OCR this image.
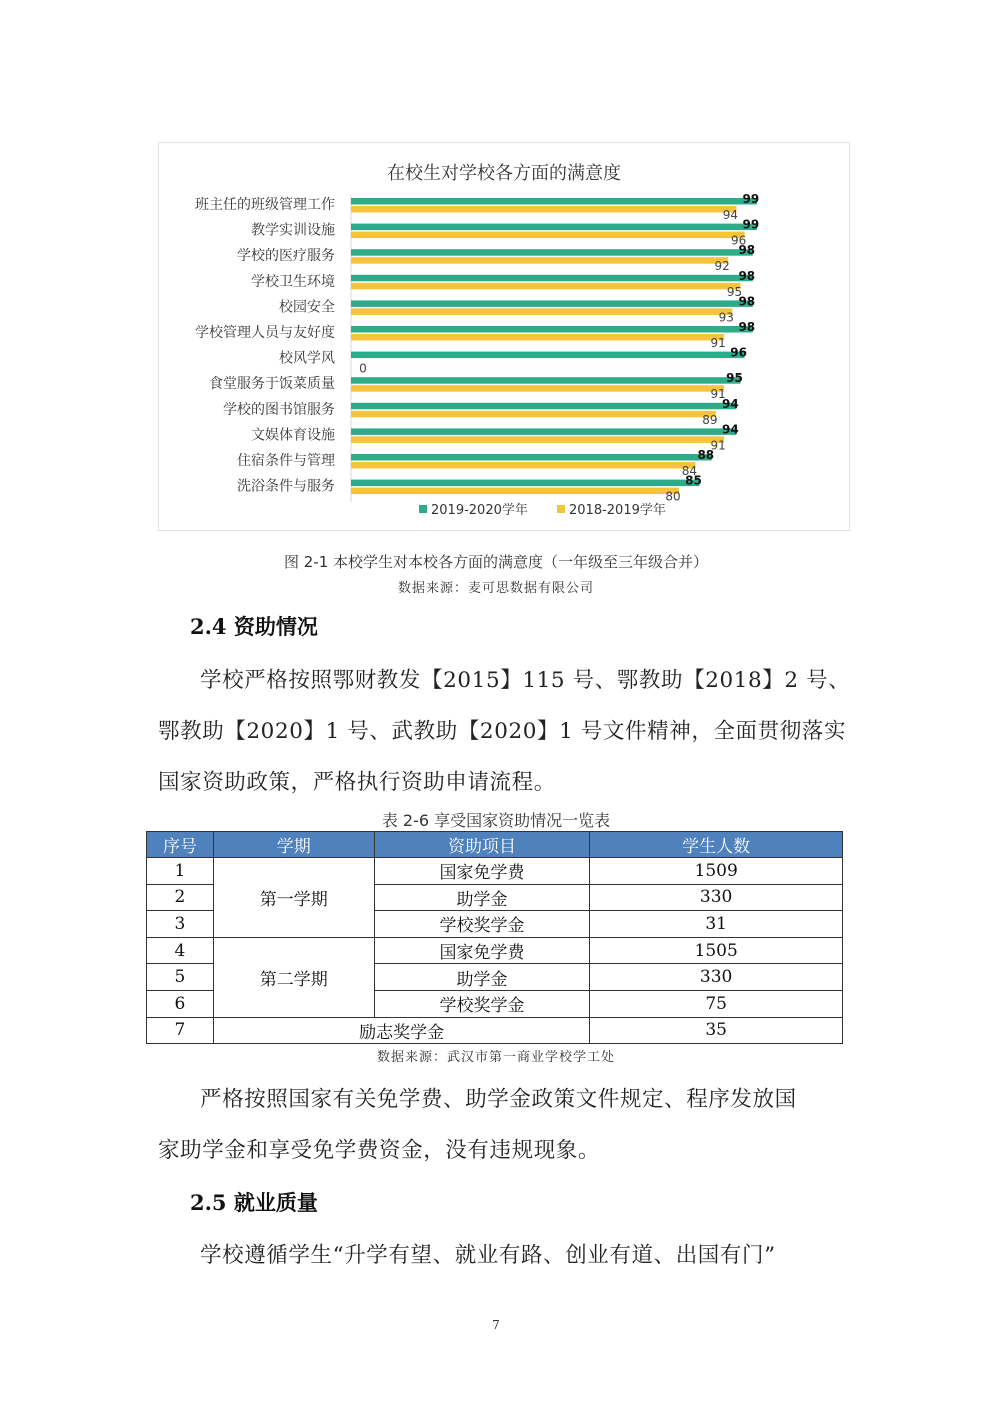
在校生对学校各方面的满意度
班主任的班级管理工作	99
94
教学实训设施	99
96
学校的医疗服务	98
92
学校卫生环境	98
95
校园安全	98
93
学校管理人员与友好度	98
91
校风学风	96
0
食堂服务于饭菜质量	95
91
学校的图书馆服务	94
89
文娱体育设施	94
91
住宿条件与管理	88
84
洗浴条件与服务	85
80
2019-2020学年	2018-2019学年
图 2-1 本校学生对本校各方面的满意度（一年级至三年级合并）
数据来源：麦可思数据有限公司
2.4 资助情况
学校严格按照鄂财教发【2015】115 号、鄂教助【2018】2 号、
鄂教助【2020】1 号、武教助【2020】1 号文件精神，全面贯彻落实
国家资助政策，严格执行资助申请流程。
表 2-6 享受国家资助情况一览表
序号	学期	资助项目	学生人数
1	第一学期	国家免学费	1509
2		助学金	330
3		学校奖学金	31
4	第二学期	国家免学费	1505
5		助学金	330
6		学校奖学金	75
7	励志奖学金		35
数据来源：武汉市第一商业学校学工处
严格按照国家有关免学费、助学金政策文件规定、程序发放国
家助学金和享受免学费资金，没有违规现象。
2.5 就业质量
学校遵循学生“升学有望、就业有路、创业有道、出国有门”
7
